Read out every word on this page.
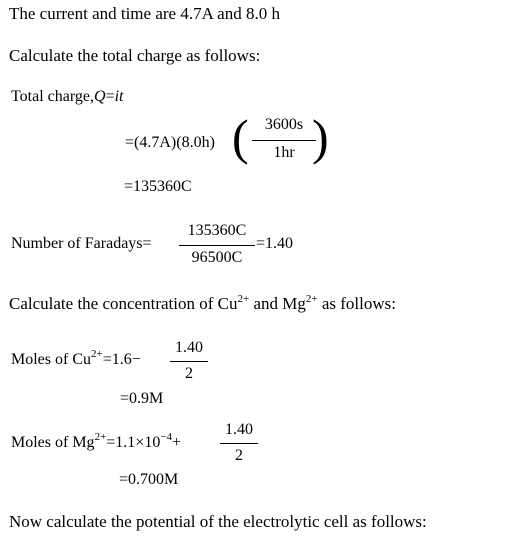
The current and time are 4.7A and 8.0 h
Calculate the total charge as follows:
Total charge,Q=it
=(4.7A)(8.0h) (	3600s
1hr )
=135360C
Number of Faradays=
135360C
96500C
=1.40
Calculate the concentration of $Cu^{2+}$ and $Mg^{2+}$ as follows:
Moles of $Cu^{2+}=1.6-$
1.40
2
=0.9M
Moles of $Mg^{2+}=1.1\times 10^{-4}+$
1.40
2
=0.700M
Now calculate the potential of the electrolytic cell as follows:
